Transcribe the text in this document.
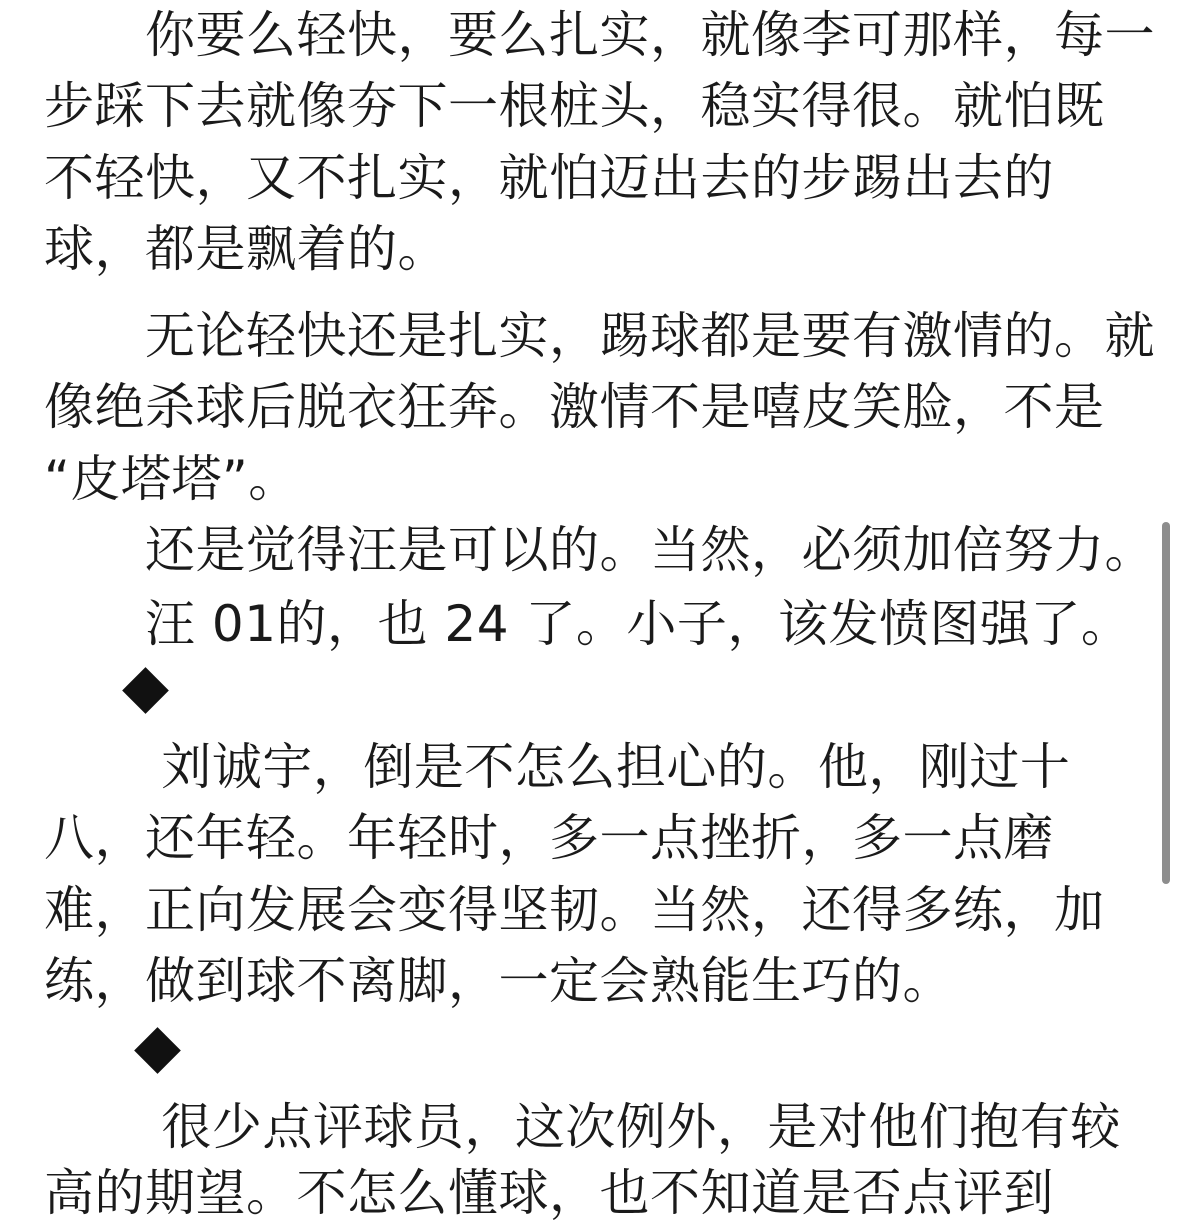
　　你要么轻快，要么扎实，就像李可那样，每一
步踩下去就像夯下一根桩头，稳实得很。就怕既
不轻快，又不扎实，就怕迈出去的步踢出去的
球，都是飘着的。
　　无论轻快还是扎实，踢球都是要有激情的。就
像绝杀球后脱衣狂奔。激情不是嘻皮笑脸，不是
“皮塔塔”。
　　还是觉得汪是可以的。当然，必须加倍努力。
　　汪 01的，也 24 了。小子，该发愤图强了。
　　 刘诚宇，倒是不怎么担心的。他，刚过十
八，还年轻。年轻时，多一点挫折，多一点磨
难，正向发展会变得坚韧。当然，还得多练，加
练，做到球不离脚，一定会熟能生巧的。
　　 很少点评球员，这次例外，是对他们抱有较
高的期望。不怎么懂球，也不知道是否点评到
